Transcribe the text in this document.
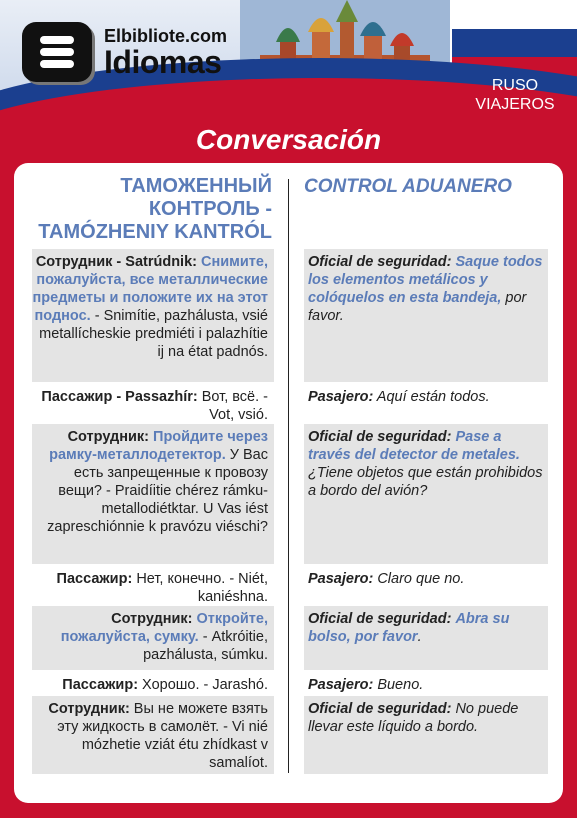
Elbibliote.com
Idiomas
RUSO
VIAJEROS
Conversación
ТАМОЖЕННЫЙ КОНТРОЛЬ - TAMÓZHENIY KANTRÓL
CONTROL ADUANERO
Сотрудник - Satrúdnik: Снимите, пожалуйста, все металлические предметы и положите их на этот поднос. - Snimítie, pazhálusta, vsié metallícheskie predmiéti i palazhítie ij na état padnós.
Oficial de seguridad: Saque todos los elementos metálicos y colóquelos en esta bandeja, por favor.
Пассажир - Passazhír: Вот, всё. - Vot, vsió.
Pasajero: Aquí están todos.
Сотрудник: Пройдите через рамку-металлодетектор. У Вас есть запрещенные к провозу вещи? - Praidíitie chérez rámku-metallodiétktar. U Vas iést zapreschiónnie k pravózu viéschi?
Oficial de seguridad: Pase a través del detector de metales. ¿Tiene objetos que están prohibidos a bordo del avión?
Пассажир: Нет, конечно. - Niét, kaniéshna.
Pasajero: Claro que no.
Сотрудник: Откройте, пожалуйста, сумку. - Atkróitie, pazhálusta, súmku.
Oficial de seguridad: Abra su bolso, por favor.
Пассажир: Хорошо. - Jarashó.	Pasajero: Bueno.
Сотрудник: Вы не можете взять эту жидкость в самолёт. - Vi nié mózhetie vziát étu zhídkast v samalíot.
Oficial de seguridad: No puede llevar este líquido a bordo.
